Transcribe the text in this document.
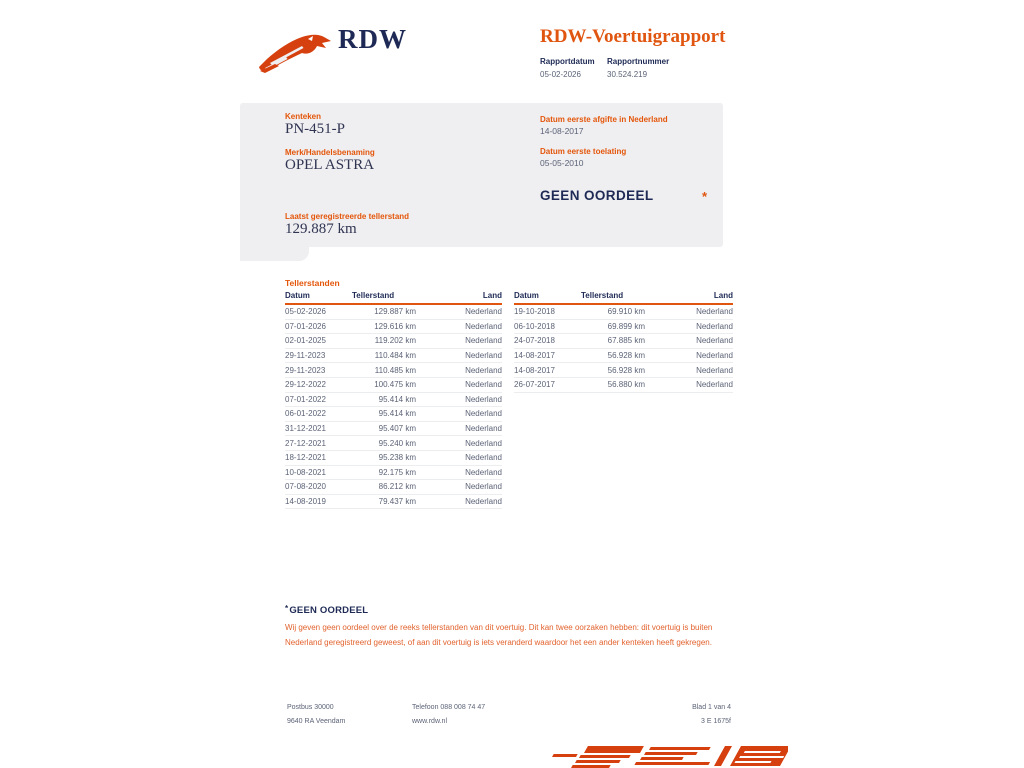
RDW	RDW-Voertuigrapport
Rapportdatum
05-02-2026
Rapportnummer
30.524.219
Kenteken
PN-451-P
Merk/Handelsbenaming
OPEL ASTRA
Laatst geregistreerde tellerstand
129.887 km
Datum eerste afgifte in Nederland
14-08-2017
Datum eerste toelating
05-05-2010
GEEN OORDEEL	*
Tellerstanden
Datum	Tellerstand	Land
05-02-2026	129.887 km	Nederland
07-01-2026	129.616 km	Nederland
02-01-2025	119.202 km	Nederland
29-11-2023	110.484 km	Nederland
29-11-2023	110.485 km	Nederland
29-12-2022	100.475 km	Nederland
07-01-2022	95.414 km	Nederland
06-01-2022	95.414 km	Nederland
31-12-2021	95.407 km	Nederland
27-12-2021	95.240 km	Nederland
18-12-2021	95.238 km	Nederland
10-08-2021	92.175 km	Nederland
07-08-2020	86.212 km	Nederland
14-08-2019	79.437 km	Nederland
Datum	Tellerstand	Land
19-10-2018	69.910 km	Nederland
06-10-2018	69.899 km	Nederland
24-07-2018	67.885 km	Nederland
14-08-2017	56.928 km	Nederland
14-08-2017	56.928 km	Nederland
26-07-2017	56.880 km	Nederland
*GEEN OORDEEL
Wij geven geen oordeel over de reeks tellerstanden van dit voertuig. Dit kan twee oorzaken hebben: dit voertuig is buiten Nederland geregistreerd geweest, of aan dit voertuig is iets veranderd waardoor het een ander kenteken heeft gekregen.
Postbus 30000
9640 RA Veendam
Telefoon 088 008 74 47
www.rdw.nl
Blad 1 van 4
3 E 1675f
